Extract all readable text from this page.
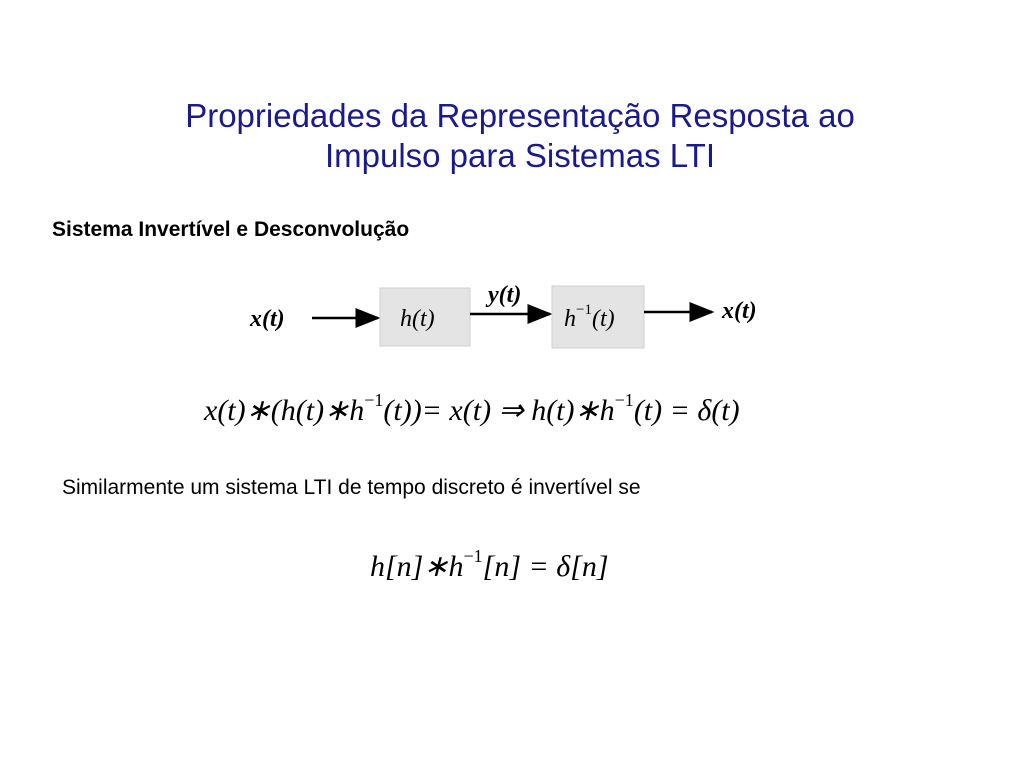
Propriedades da Representação Resposta ao
Impulso para Sistemas LTI
Sistema Invertível e Desconvolução
x(t)	h(t)
y(t)
$h^{-1}(t)$	x(t)
$x(t)∗(h(t)∗h^{-1}(t))= x(t)$ ⇒ $h(t)∗h^{-1}(t) = \delta(t)$
Similarmente um sistema LTI de tempo discreto é invertível se
$h[n]∗h^{-1}[n] = \delta[n]$
